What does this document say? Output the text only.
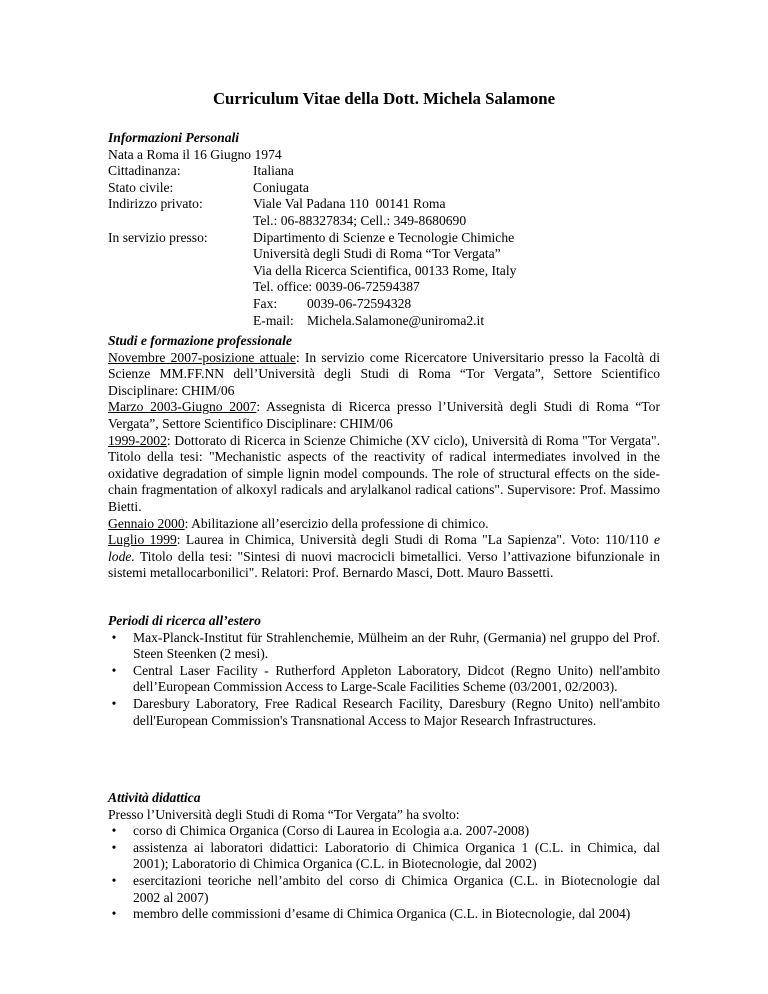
Curriculum Vitae della Dott. Michela Salamone
Informazioni Personali
Nata a Roma il 16 Giugno 1974
Cittadinanza:	Italiana
Stato civile:	Coniugata
Indirizzo privato:	Viale Val Padana 110  00141 Roma
Tel.: 06-88327834; Cell.: 349-8680690
In servizio presso:	Dipartimento di Scienze e Tecnologie Chimiche
Università degli Studi di Roma “Tor Vergata”
Via della Ricerca Scientifica, 00133 Rome, Italy
Tel. office: 0039-06-72594387
Fax: 0039-06-72594328
E-mail: Michela.Salamone@uniroma2.it
Studi e formazione professionale
Novembre 2007-posizione attuale: In servizio come Ricercatore Universitario presso la Facoltà di Scienze MM.FF.NN dell’Università degli Studi di Roma “Tor Vergata”, Settore Scientifico Disciplinare: CHIM/06
Marzo 2003-Giugno 2007: Assegnista di Ricerca presso l’Università degli Studi di Roma “Tor Vergata”, Settore Scientifico Disciplinare: CHIM/06
1999-2002: Dottorato di Ricerca in Scienze Chimiche (XV ciclo), Università di Roma "Tor Vergata". Titolo della tesi: "Mechanistic aspects of the reactivity of radical intermediates involved in the oxidative degradation of simple lignin model compounds. The role of structural effects on the side-chain fragmentation of alkoxyl radicals and arylalkanol radical cations". Supervisore: Prof. Massimo Bietti.
Gennaio 2000: Abilitazione all’esercizio della professione di chimico.
Luglio 1999: Laurea in Chimica, Università degli Studi di Roma "La Sapienza". Voto: 110/110 e lode. Titolo della tesi: "Sintesi di nuovi macrocicli bimetallici. Verso l’attivazione bifunzionale in sistemi metallocarbonilici". Relatori: Prof. Bernardo Masci, Dott. Mauro Bassetti.
Periodi di ricerca all’estero
• Max-Planck-Institut für Strahlenchemie, Mülheim an der Ruhr, (Germania) nel gruppo del Prof. Steen Steenken (2 mesi).
• Central Laser Facility - Rutherford Appleton Laboratory, Didcot (Regno Unito) nell'ambito dell’European Commission Access to Large-Scale Facilities Scheme (03/2001, 02/2003).
• Daresbury Laboratory, Free Radical Research Facility, Daresbury (Regno Unito) nell'ambito dell'European Commission's Transnational Access to Major Research Infrastructures.
Attività didattica
Presso l’Università degli Studi di Roma “Tor Vergata” ha svolto:
• corso di Chimica Organica (Corso di Laurea in Ecologia a.a. 2007-2008)
• assistenza ai laboratori didattici: Laboratorio di Chimica Organica 1 (C.L. in Chimica, dal 2001); Laboratorio di Chimica Organica (C.L. in Biotecnologie, dal 2002)
• esercitazioni teoriche nell’ambito del corso di Chimica Organica (C.L. in Biotecnologie dal 2002 al 2007)
• membro delle commissioni d’esame di Chimica Organica (C.L. in Biotecnologie, dal 2004)
